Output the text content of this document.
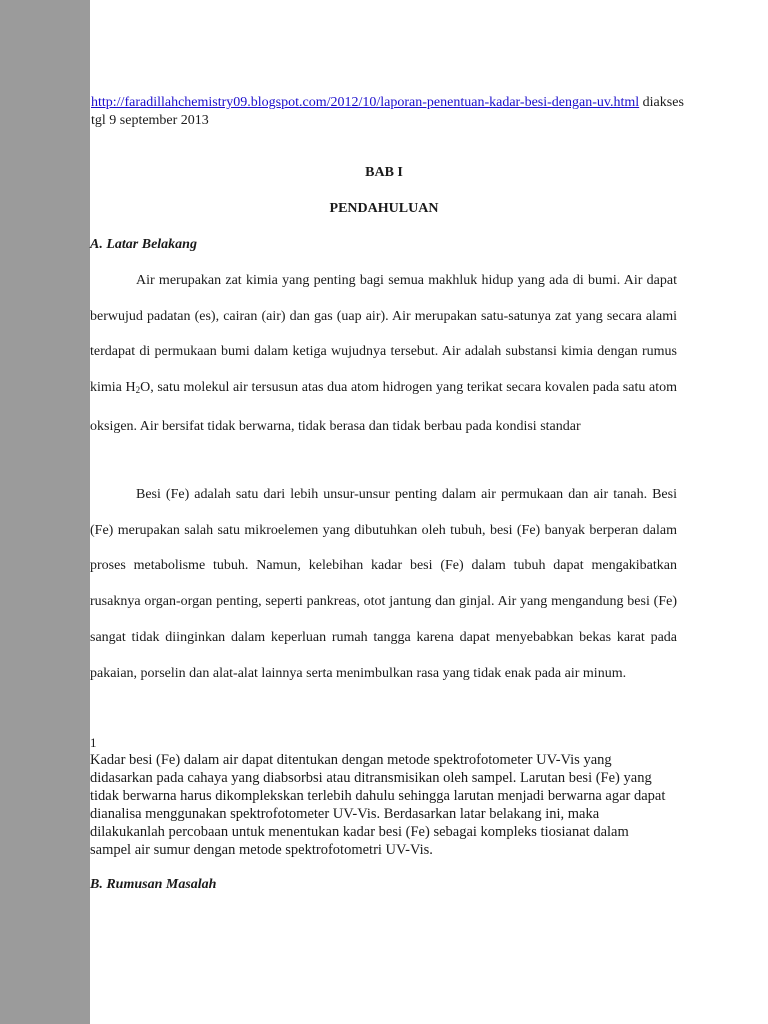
http://faradillahchemistry09.blogspot.com/2012/10/laporan-penentuan-kadar-besi-dengan-uv.html diakses tgl 9 september 2013
BAB I
PENDAHULUAN
A. Latar Belakang
Air merupakan zat kimia yang penting bagi semua makhluk hidup yang ada di bumi. Air dapat berwujud padatan (es), cairan (air) dan gas (uap air). Air merupakan satu-satunya zat yang secara alami terdapat di permukaan bumi dalam ketiga wujudnya tersebut. Air adalah substansi kimia dengan rumus kimia $H_2O$, satu molekul air tersusun atas dua atom hidrogen yang terikat secara kovalen pada satu atom oksigen. Air bersifat tidak berwarna, tidak berasa dan tidak berbau pada kondisi standar
Besi (Fe) adalah satu dari lebih unsur-unsur penting dalam air permukaan dan air tanah. Besi (Fe) merupakan salah satu mikroelemen yang dibutuhkan oleh tubuh, besi (Fe) banyak berperan dalam proses metabolisme tubuh. Namun, kelebihan kadar besi (Fe) dalam tubuh dapat mengakibatkan rusaknya organ-organ penting, seperti pankreas, otot jantung dan ginjal. Air yang mengandung besi (Fe) sangat tidak diinginkan dalam keperluan rumah tangga karena dapat menyebabkan bekas karat pada pakaian, porselin dan alat-alat lainnya serta menimbulkan rasa yang tidak enak pada air minum.
1
Kadar besi (Fe) dalam air dapat ditentukan dengan metode spektrofotometer UV-Vis yang didasarkan pada cahaya yang diabsorbsi atau ditransmisikan oleh sampel. Larutan besi (Fe) yang tidak berwarna harus dikomplekskan terlebih dahulu sehingga larutan menjadi berwarna agar dapat dianalisa menggunakan spektrofotometer UV-Vis. Berdasarkan latar belakang ini, maka dilakukanlah percobaan untuk menentukan kadar besi (Fe) sebagai kompleks tiosianat dalam sampel air sumur dengan metode spektrofotometri UV-Vis.
B. Rumusan Masalah
